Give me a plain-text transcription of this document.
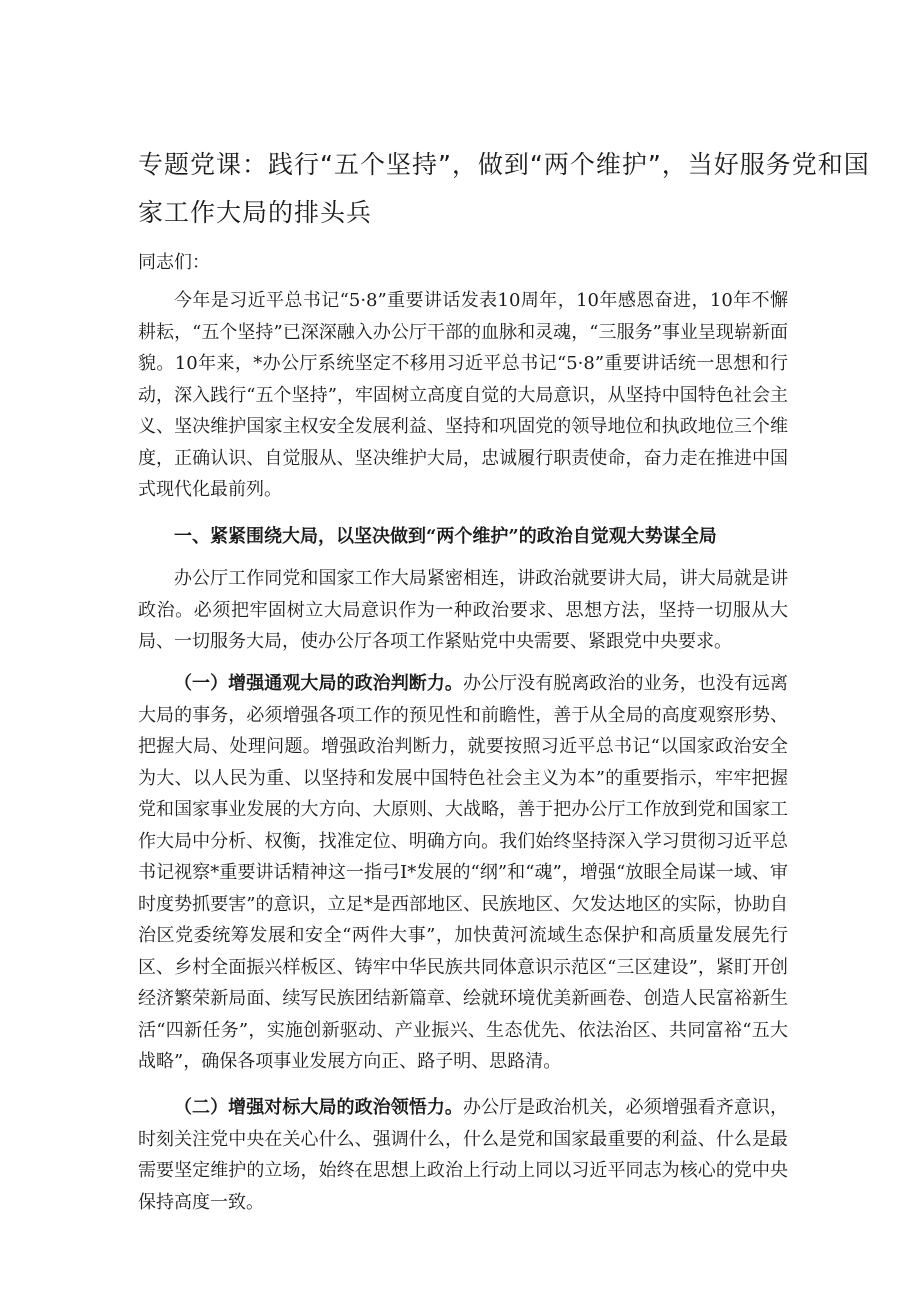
专题党课：践行“五个坚持”，做到“两个维护”，当好服务党和国
家工作大局的排头兵
同志们：

今年是习近平总书记“5·8”重要讲话发表10周年，10年感恩奋进，10年不懈耕耘，“五个坚持”已深深融入办公厅干部的血脉和灵魂，“三服务”事业呈现崭新面貌。10年来，*办公厅系统坚定不移用习近平总书记“5·8”重要讲话统一思想和行动，深入践行“五个坚持”，牢固树立高度自觉的大局意识，从坚持中国特色社会主义、坚决维护国家主权安全发展利益、坚持和巩固党的领导地位和执政地位三个维度，正确认识、自觉服从、坚决维护大局，忠诚履行职责使命，奋力走在推进中国式现代化最前列。

一、紧紧围绕大局，以坚决做到“两个维护”的政治自觉观大势谋全局

办公厅工作同党和国家工作大局紧密相连，讲政治就要讲大局，讲大局就是讲政治。必须把牢固树立大局意识作为一种政治要求、思想方法，坚持一切服从大局、一切服务大局，使办公厅各项工作紧贴党中央需要、紧跟党中央要求。

（一）增强通观大局的政治判断力。办公厅没有脱离政治的业务，也没有远离大局的事务，必须增强各项工作的预见性和前瞻性，善于从全局的高度观察形势、把握大局、处理问题。增强政治判断力，就要按照习近平总书记“以国家政治安全为大、以人民为重、以坚持和发展中国特色社会主义为本”的重要指示，牢牢把握党和国家事业发展的大方向、大原则、大战略，善于把办公厅工作放到党和国家工作大局中分析、权衡，找准定位、明确方向。我们始终坚持深入学习贯彻习近平总书记视察*重要讲话精神这一指弓I*发展的“纲”和“魂”，增强“放眼全局谋一域、审时度势抓要害”的意识，立足*是西部地区、民族地区、欠发达地区的实际，协助自治区党委统筹发展和安全“两件大事”，加快黄河流域生态保护和高质量发展先行区、乡村全面振兴样板区、铸牢中华民族共同体意识示范区“三区建设”，紧盯开创经济繁荣新局面、续写民族团结新篇章、绘就环境优美新画卷、创造人民富裕新生活“四新任务”，实施创新驱动、产业振兴、生态优先、依法治区、共同富裕“五大战略”，确保各项事业发展方向正、路子明、思路清。

（二）增强对标大局的政治领悟力。办公厅是政治机关，必须增强看齐意识，时刻关注党中央在关心什么、强调什么，什么是党和国家最重要的利益、什么是最需要坚定维护的立场，始终在思想上政治上行动上同以习近平同志为核心的党中央保持高度一致。
